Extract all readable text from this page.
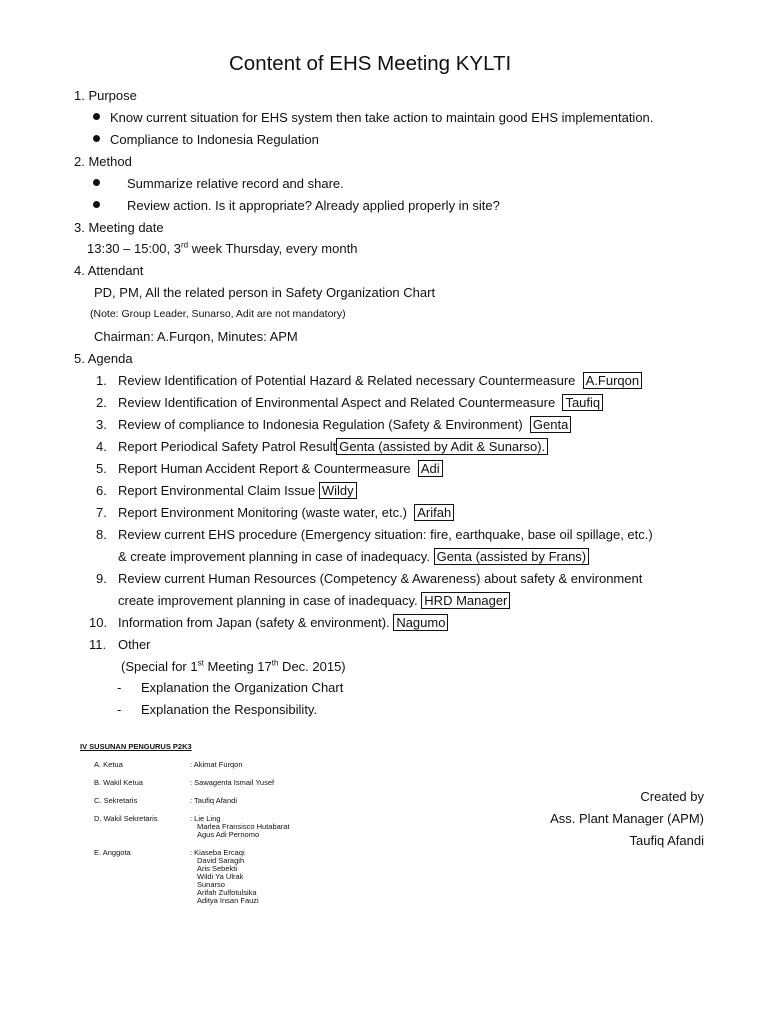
Content of EHS Meeting KYLTI
1. Purpose
Know current situation for EHS system then take action to maintain good EHS implementation.
Compliance to Indonesia Regulation
2. Method
Summarize relative record and share.
Review action. Is it appropriate? Already applied properly in site?
3. Meeting date
13:30 – 15:00, 3rd week Thursday, every month
4. Attendant
PD, PM, All the related person in Safety Organization Chart
(Note: Group Leader, Sunarso, Adit are not mandatory)
Chairman: A.Furqon, Minutes: APM
5. Agenda
1. Review Identification of Potential Hazard & Related necessary Countermeasure A.Furqon
2. Review Identification of Environmental Aspect and Related Countermeasure Taufiq
3. Review of compliance to Indonesia Regulation (Safety & Environment) Genta
4. Report Periodical Safety Patrol Result Genta (assisted by Adit & Sunarso).
5. Report Human Accident Report & Countermeasure Adi
6. Report Environmental Claim Issue Wildy
7. Report Environment Monitoring (waste water, etc.) Arifah
8. Review current EHS procedure (Emergency situation: fire, earthquake, base oil spillage, etc.)
& create improvement planning in case of inadequacy. Genta (assisted by Frans)
9. Review current Human Resources (Competency & Awareness) about safety & environment
create improvement planning in case of inadequacy. HRD Manager
10. Information from Japan (safety & environment). Nagumo
11. Other
(Special for 1st Meeting 17th Dec. 2015)
- Explanation the Organization Chart
- Explanation the Responsibility.
IV SUSUNAN PENGURUS P2K3
A. Ketua	: Akimat Furqon
B. Wakil Ketua	: Sawagenta Ismail Yusef
C. Sekretaris	: Taufiq Afandi
D. Wakil Sekretaris	: Lie Ling
Marlea Fransisco Hutabarat
Agus Adi Pernomo
E. Anggota	: Kiaseba Ercaqi
David Saragih
Aris Sebekti
Wildi Ya Ulrak
Sunarso
Arifah Zulfotulsika
Aditya Insan Fauzi
Created by
Ass. Plant Manager (APM)
Taufiq Afandi
